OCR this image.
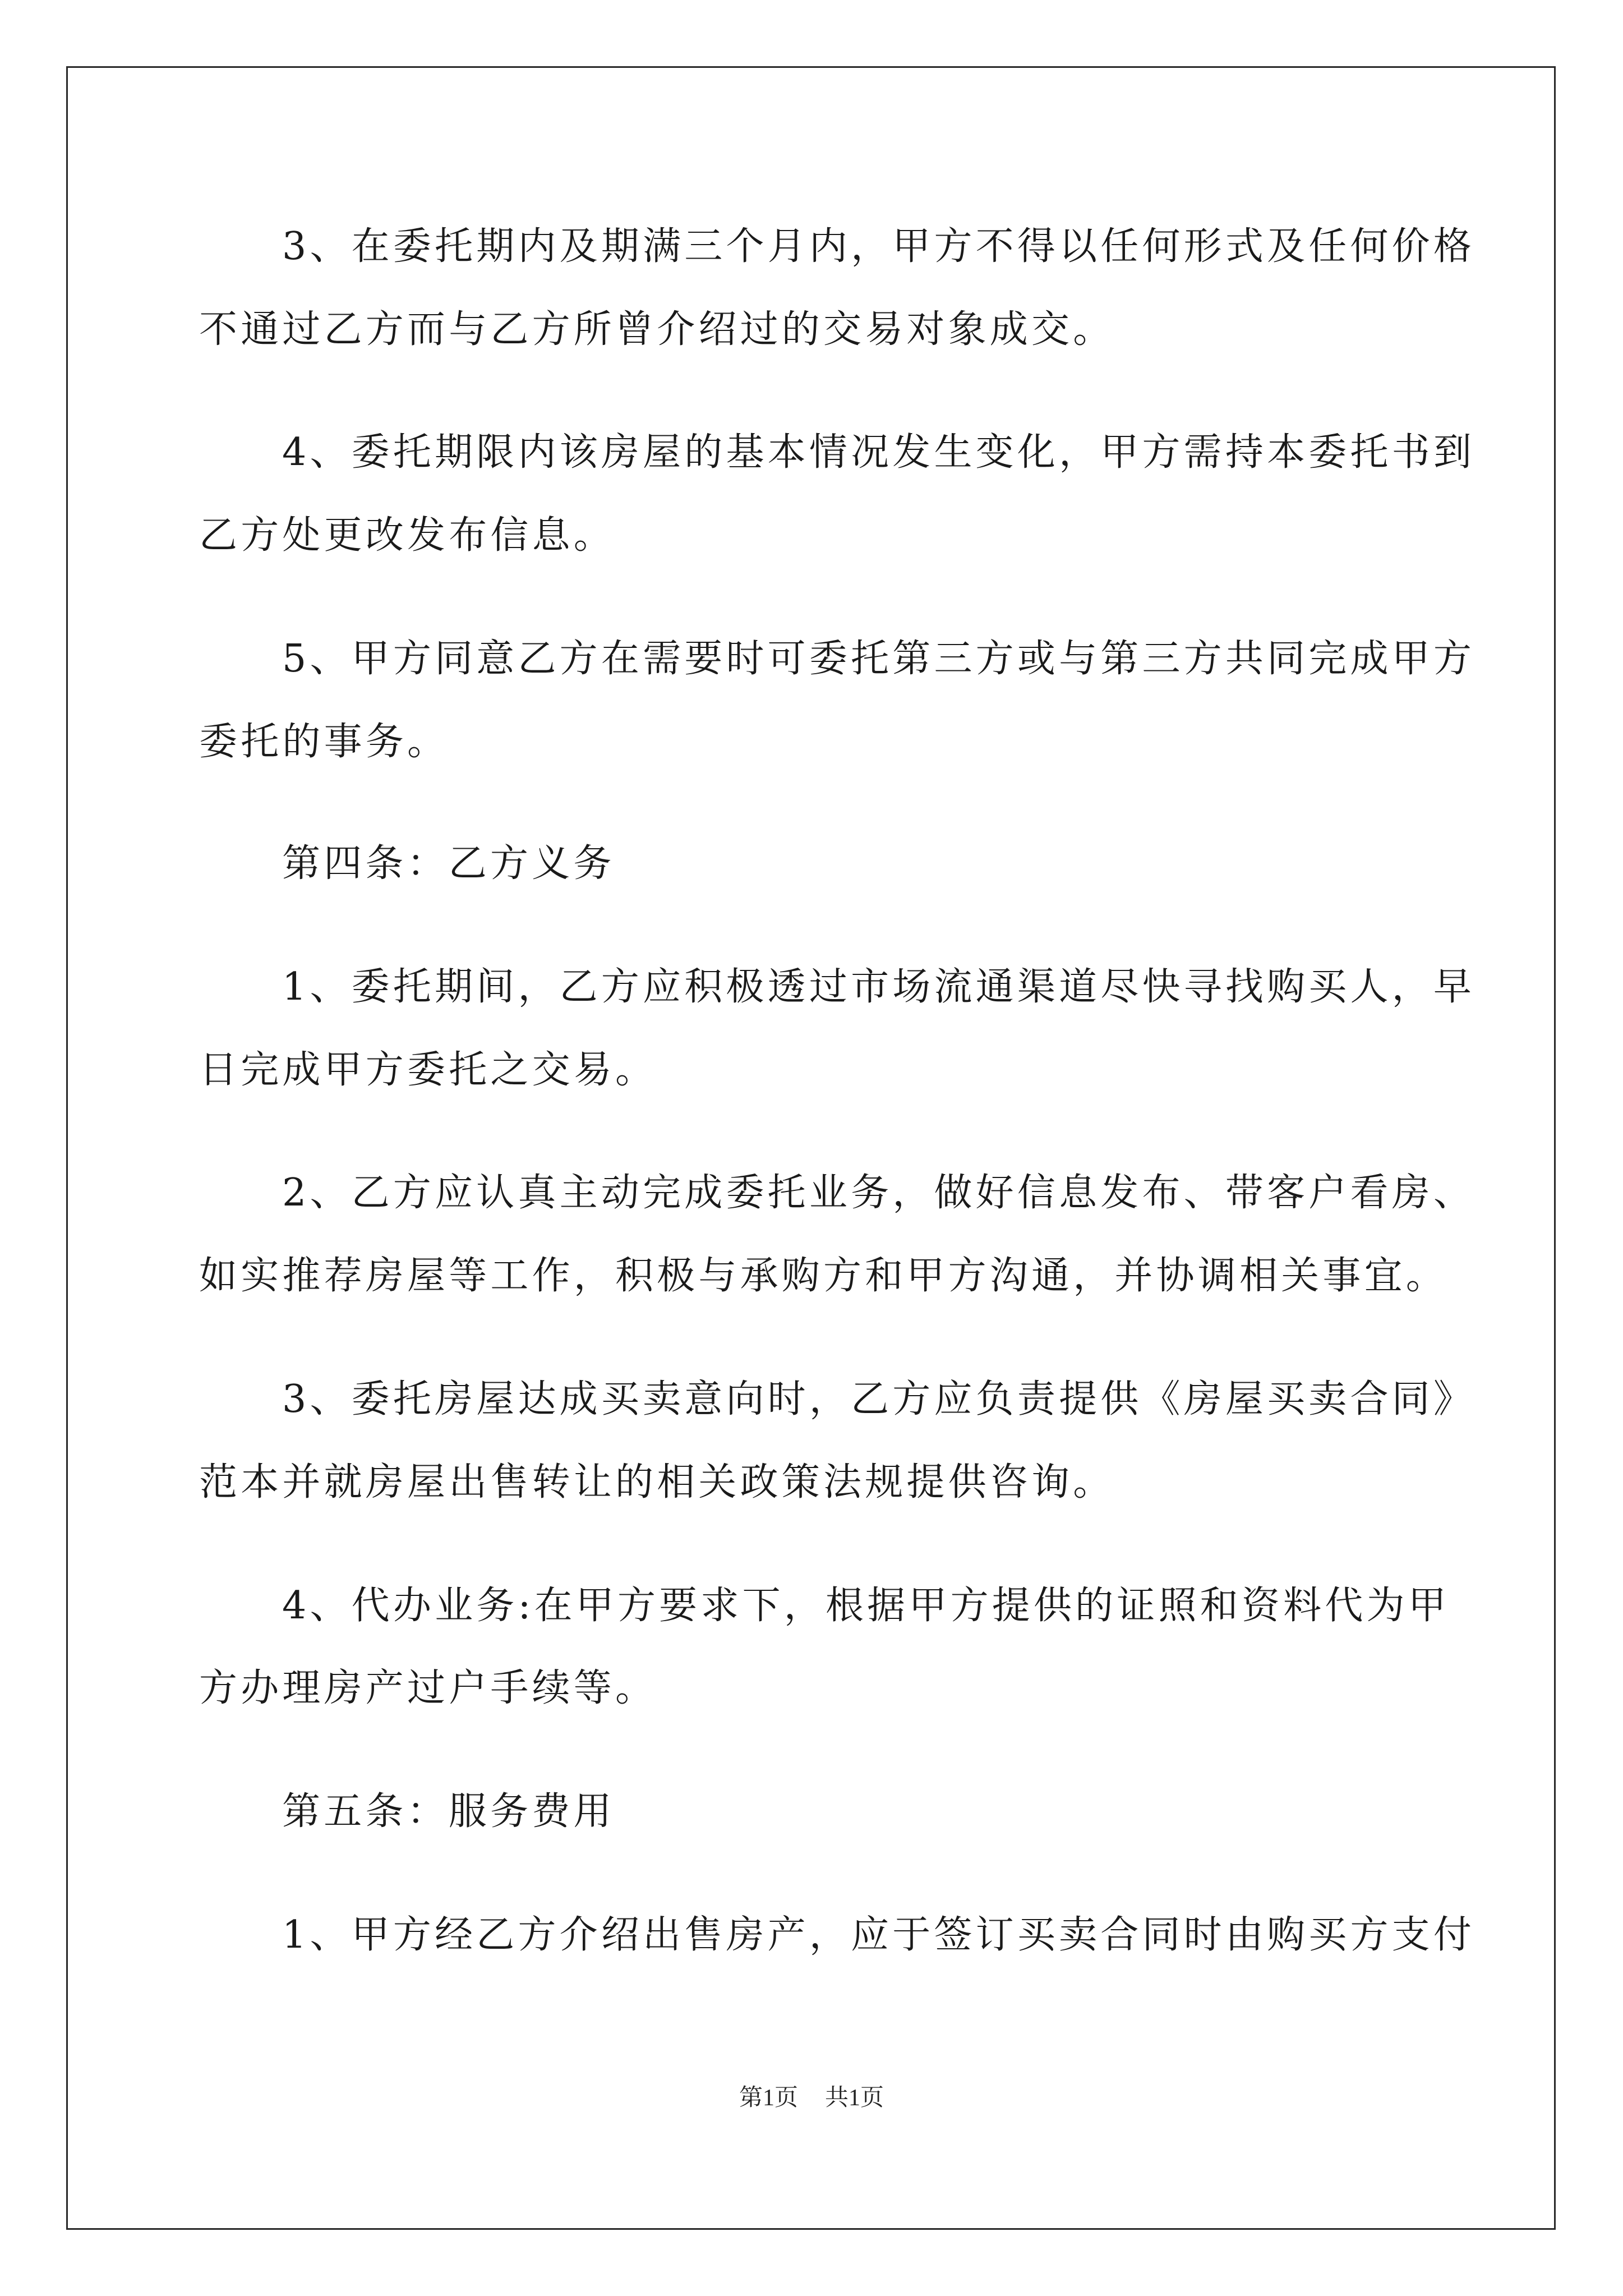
3、在委托期内及期满三个月内，甲方不得以任何形式及任何价格
不通过乙方而与乙方所曾介绍过的交易对象成交。
4、委托期限内该房屋的基本情况发生变化，甲方需持本委托书到
乙方处更改发布信息。
5、甲方同意乙方在需要时可委托第三方或与第三方共同完成甲方
委托的事务。
第四条：乙方义务
1、委托期间，乙方应积极透过市场流通渠道尽快寻找购买人，早
日完成甲方委托之交易。
2、乙方应认真主动完成委托业务，做好信息发布、带客户看房、
如实推荐房屋等工作，积极与承购方和甲方沟通，并协调相关事宜。
3、委托房屋达成买卖意向时，乙方应负责提供《房屋买卖合同》
范本并就房屋出售转让的相关政策法规提供咨询。
4、代办业务:在甲方要求下，根据甲方提供的证照和资料代为甲
方办理房产过户手续等。
第五条：服务费用
1、甲方经乙方介绍出售房产，应于签订买卖合同时由购买方支付
第1页 共1页
